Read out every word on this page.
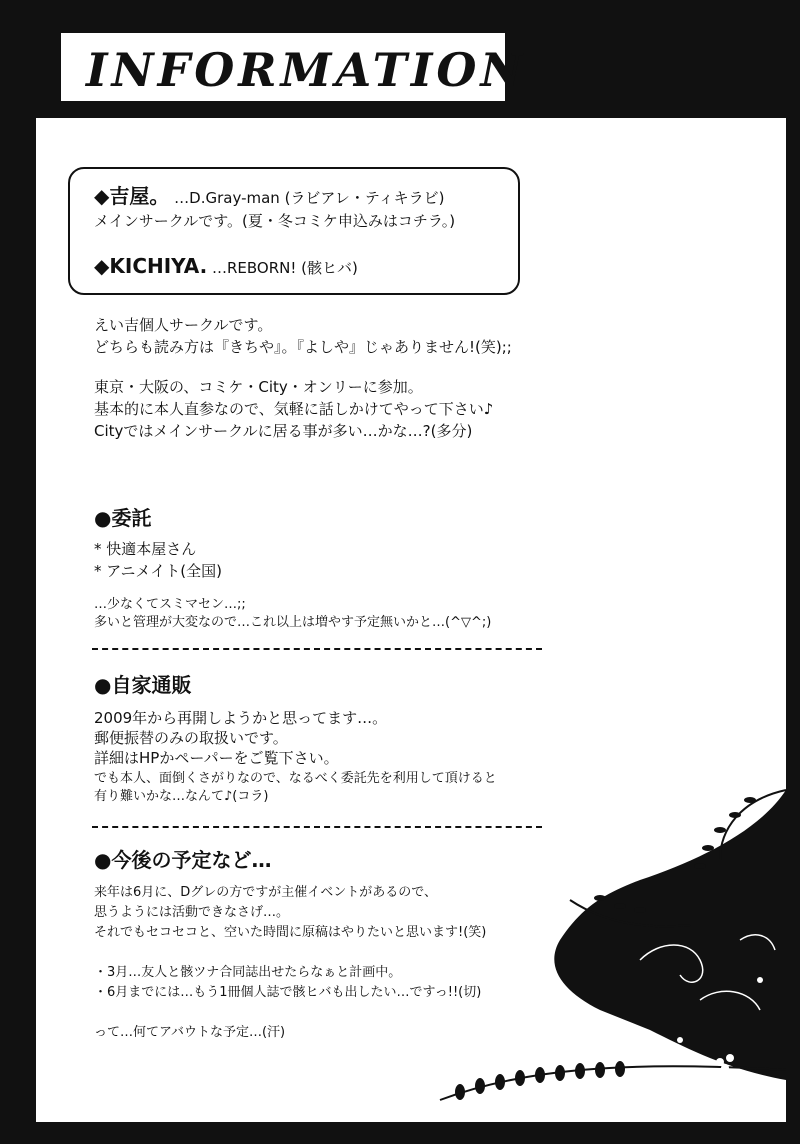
INFORMATION
◆吉屋。 …D.Gray-man (ラビアレ・ティキラビ)
メインサークルです。(夏・冬コミケ申込みはコチラ。)
◆KICHIYA. …REBORN! (骸ヒバ)
えい吉個人サークルです。
どちらも読み方は『きちや』。『よしや』じゃありません!(笑);;
東京・大阪の、コミケ・City・オンリーに参加。
基本的に本人直参なので、気軽に話しかけてやって下さい♪
Cityではメインサークルに居る事が多い…かな…?(多分)
●委託
* 快適本屋さん
* アニメイト(全国)
…少なくてスミマセン…;;
多いと管理が大変なので…これ以上は増やす予定無いかと…(^▽^;)
●自家通販
2009年から再開しようかと思ってます…。
郵便振替のみの取扱いです。
詳細はHPかペーパーをご覧下さい。
でも本人、面倒くさがりなので、なるべく委託先を利用して頂けると
有り難いかな…なんて♪(コラ)
●今後の予定など…
来年は6月に、Dグレの方ですが主催イベントがあるので、
思うようには活動できなさげ…。
それでもセコセコと、空いた時間に原稿はやりたいと思います!(笑)
・3月…友人と骸ツナ合同誌出せたらなぁと計画中。
・6月までには…もう1冊個人誌で骸ヒバも出したい…ですっ!!(切)
って…何てアバウトな予定…(汗)
